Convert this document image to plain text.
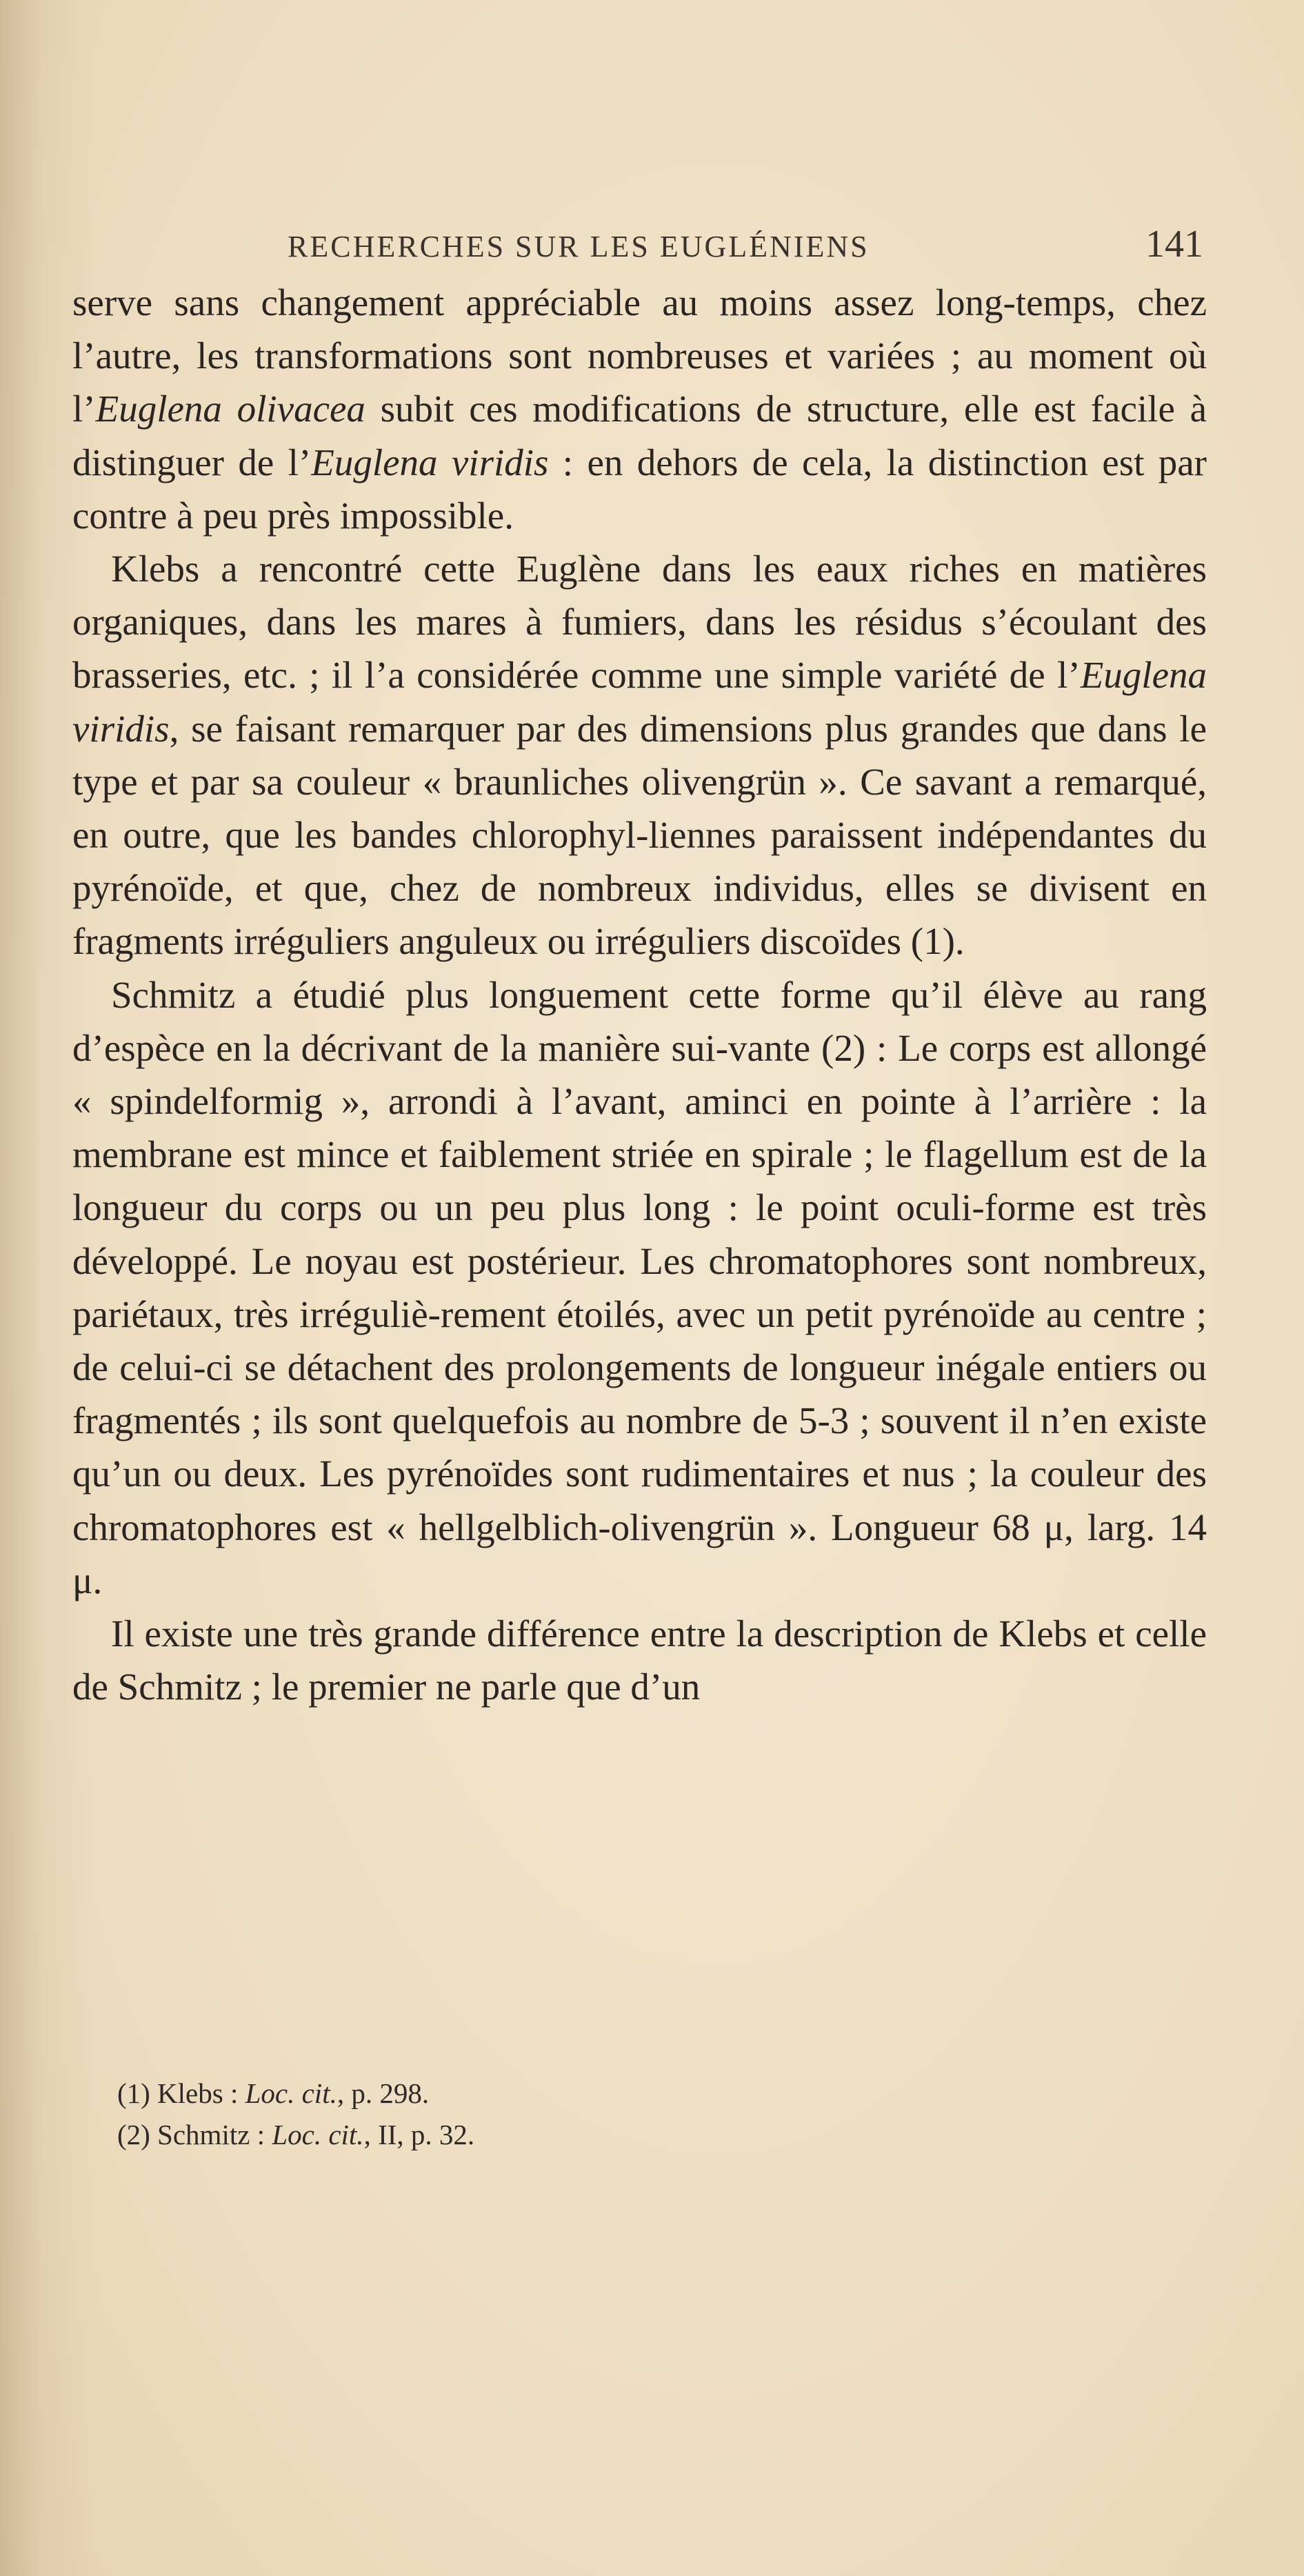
RECHERCHES SUR LES EUGLÉNIENS	141

serve sans changement appréciable au moins assez long-temps, chez l’autre, les transformations sont nombreuses et variées ; au moment où l’Euglena olivacea subit ces modifications de structure, elle est facile à distinguer de l’Euglena viridis : en dehors de cela, la distinction est par contre à peu près impossible.

Klebs a rencontré cette Euglène dans les eaux riches en matières organiques, dans les mares à fumiers, dans les résidus s’écoulant des brasseries, etc. ; il l’a considérée comme une simple variété de l’Euglena viridis, se faisant remarquer par des dimensions plus grandes que dans le type et par sa couleur « braunliches olivengrün ». Ce savant a remarqué, en outre, que les bandes chlorophyl-liennes paraissent indépendantes du pyrénoïde, et que, chez de nombreux individus, elles se divisent en fragments irréguliers anguleux ou irréguliers discoïdes (1).

Schmitz a étudié plus longuement cette forme qu’il élève au rang d’espèce en la décrivant de la manière sui-vante (2) : Le corps est allongé « spindelformig », arrondi à l’avant, aminci en pointe à l’arrière : la membrane est mince et faiblement striée en spirale ; le flagellum est de la longueur du corps ou un peu plus long : le point oculi-forme est très développé. Le noyau est postérieur. Les chromatophores sont nombreux, pariétaux, très irréguliè-rement étoilés, avec un petit pyrénoïde au centre ; de celui-ci se détachent des prolongements de longueur inégale entiers ou fragmentés ; ils sont quelquefois au nombre de 5-3 ; souvent il n’en existe qu’un ou deux. Les pyrénoïdes sont rudimentaires et nus ; la couleur des chromatophores est « hellgelblich-olivengrün ». Longueur 68 μ, larg. 14 μ.

Il existe une très grande différence entre la description de Klebs et celle de Schmitz ; le premier ne parle que d’un

(1) Klebs : Loc. cit., p. 298.

(2) Schmitz : Loc. cit., II, p. 32.
